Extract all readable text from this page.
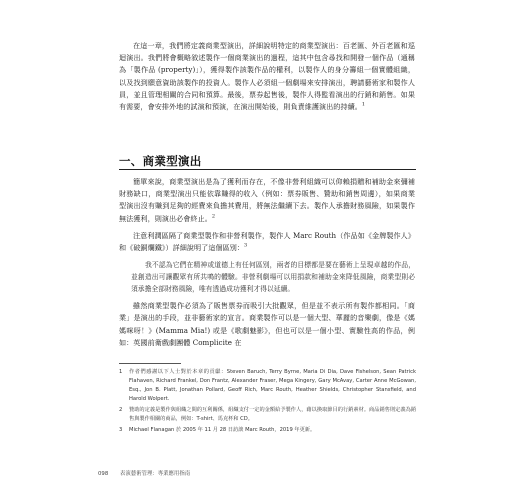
在這一章，我們將定義商業型演出，詳細說明特定的商業型演出：百老匯、外百老匯和巡迴演出。我們將會概略敘述製作一個商業演出的過程，這其中包含尋找和開發一個作品（通稱為「製作品 (property)」），獲得製作該製作品的權利，以製作人的身分籌組一個實體組織，以及找到願意資助該製作的投資人。製作人必須組一個劇場來安排演出，聘請藝術家和製作人員，並且管理相關的合同和預算。最後，票券起售後，製作人得監看演出的行銷和銷售。如果有需要，會安排外地的試演和預演，在演出開始後，則負責維護演出的持續。$^1$

一、商業型演出

簡單來說，商業型演出是為了獲利而存在，不像非營利組織可以仰賴捐贈和補助金來彌補財務缺口，商業型演出只能依靠賺得的收入（例如：票券販售、贊助和銷售周邊），如果商業型演出沒有賺到足夠的經費來負擔其費用，將無法繼續下去。製作人承擔財務風險，如果製作無法獲利，則演出必會終止。$^2$

注意利潤區隔了商業型製作和非營利製作，製作人 Marc Routh（作品如《金牌製作人》和《破銅爛鐵》）詳細說明了這個區別：$^3$

我不認為它們在精神或道德上有任何區別，兩者的目標都是要在藝術上呈現卓越的作品，並創造出可讓觀眾有所共鳴的體驗。非營利劇場可以用捐款和補助金來降低風險，商業型則必須承擔全部財務風險，唯有透過成功獲利才得以延續。

雖然商業型製作必須為了販售票券而吸引大批觀眾，但是並不表示所有製作都相同。「商業」是演出的手段，並非藝術家的宣言。商業製作可以是一個大型、華麗的音樂劇，像是《媽媽咪呀！》(Mamma Mia!) 或是《歌劇魅影》，但也可以是一個小型、實驗性高的作品，例如：英國前衛戲劇團體 Complicite 在

1	作者們感謝以下人士對於本章的貢獻：Steven Baruch, Terry Byrne, Maria Di Dia, Dave Fishelson, Sean Patrick Flahaven, Richard Frankel, Don Frantz, Alexander Fraser, Mega Kingery, Gary McAvay, Carter Anne McGowan, Esq., Jon B. Platt, Jonathan Pollard, Geoff Rich, Marc Routh, Heather Shields, Christopher Stansfield, and Harold Wolpert.
2	贊助的定義是製作與組織之間的互利關係，組織支付一定的金額給予製作人，藉以換取節目的行銷素材。商品銷售則定義為銷售與製作相關的商品，例如：T-shirt、馬克杯和 CD。
3	Michael Flanagan 於 2005 年 11 月 28 日訪談 Marc Routh，2019 年更新。
098 表演藝術管理：專業應用指南
